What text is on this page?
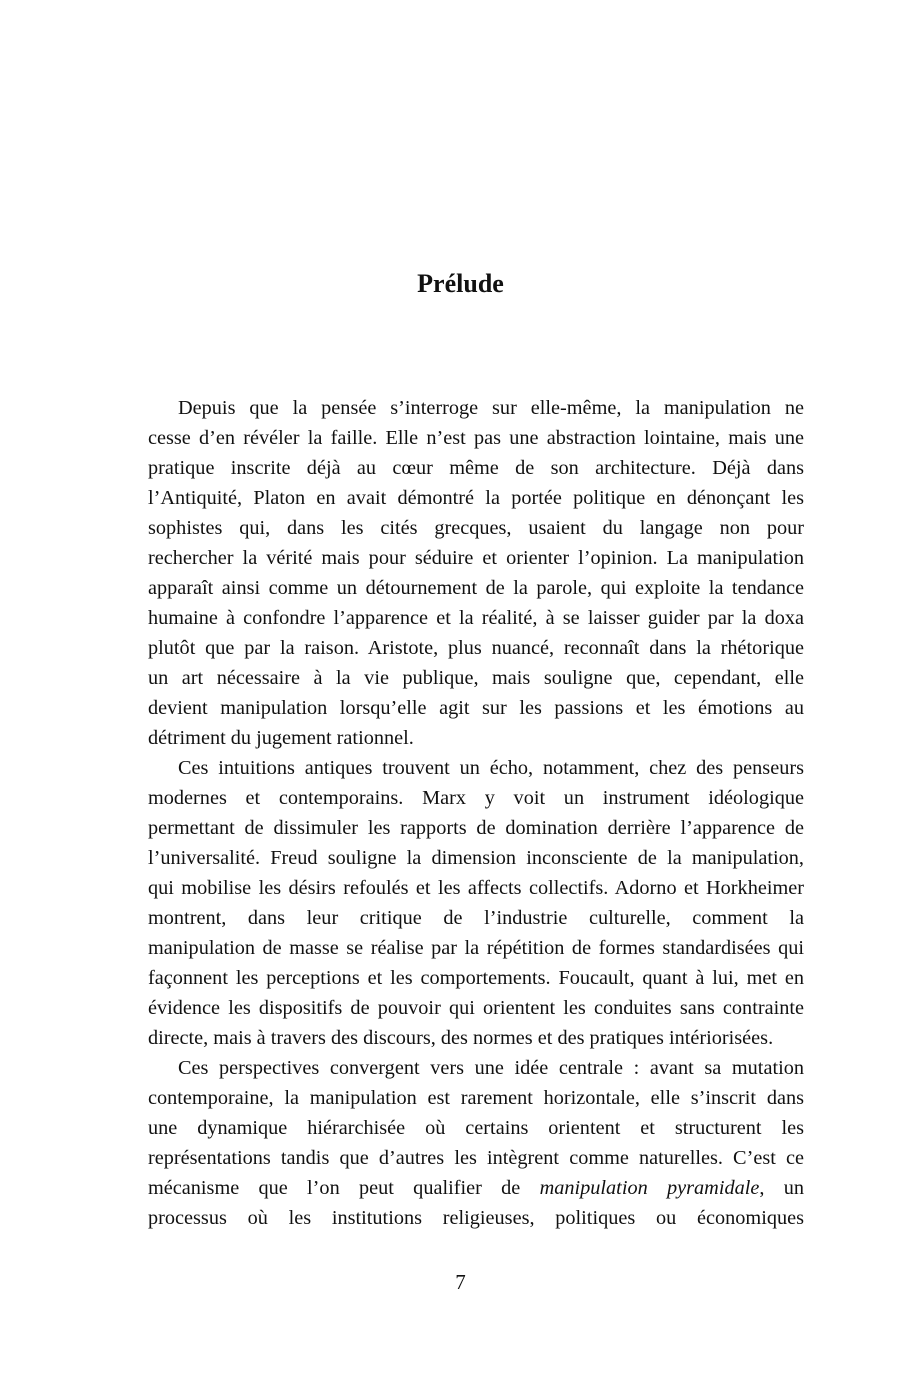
Prélude
Depuis que la pensée s’interroge sur elle-même, la manipulation ne
cesse d’en révéler la faille. Elle n’est pas une abstraction lointaine, mais une
pratique inscrite déjà au cœur même de son architecture. Déjà dans
l’Antiquité, Platon en avait démontré la portée politique en dénonçant les
sophistes qui, dans les cités grecques, usaient du langage non pour
rechercher la vérité mais pour séduire et orienter l’opinion. La manipulation
apparaît ainsi comme un détournement de la parole, qui exploite la tendance
humaine à confondre l’apparence et la réalité, à se laisser guider par la doxa
plutôt que par la raison. Aristote, plus nuancé, reconnaît dans la rhétorique
un art nécessaire à la vie publique, mais souligne que, cependant, elle
devient manipulation lorsqu’elle agit sur les passions et les émotions au
détriment du jugement rationnel.
Ces intuitions antiques trouvent un écho, notamment, chez des penseurs
modernes et contemporains. Marx y voit un instrument idéologique
permettant de dissimuler les rapports de domination derrière l’apparence de
l’universalité. Freud souligne la dimension inconsciente de la manipulation,
qui mobilise les désirs refoulés et les affects collectifs. Adorno et Horkheimer
montrent, dans leur critique de l’industrie culturelle, comment la
manipulation de masse se réalise par la répétition de formes standardisées qui
façonnent les perceptions et les comportements. Foucault, quant à lui, met en
évidence les dispositifs de pouvoir qui orientent les conduites sans contrainte
directe, mais à travers des discours, des normes et des pratiques intériorisées.
Ces perspectives convergent vers une idée centrale : avant sa mutation
contemporaine, la manipulation est rarement horizontale, elle s’inscrit dans
une dynamique hiérarchisée où certains orientent et structurent les
représentations tandis que d’autres les intègrent comme naturelles. C’est ce
mécanisme que l’on peut qualifier de manipulation pyramidale, un
processus où les institutions religieuses, politiques ou économiques

7
